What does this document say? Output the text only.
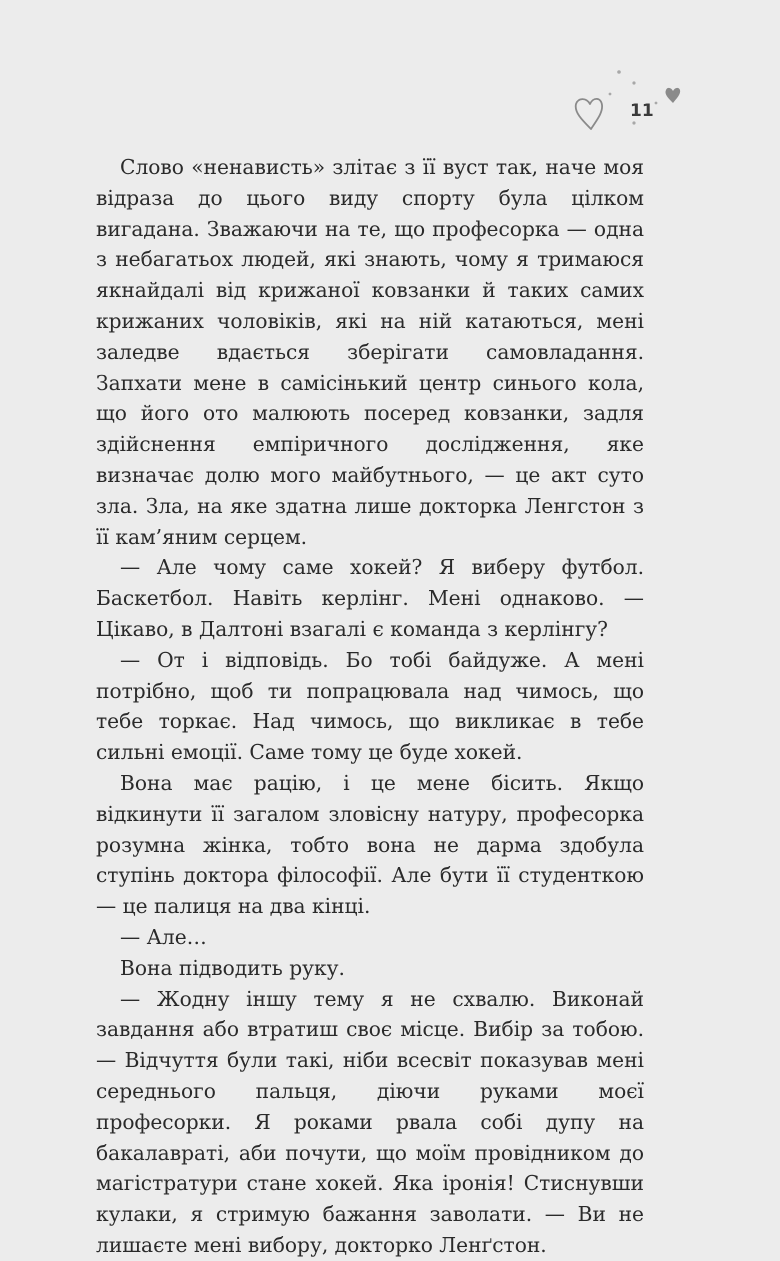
11

Слово «ненависть» злітає з її вуст так, наче моя відраза до цього виду спорту була цілком вигадана. Зважаючи на те, що професорка — одна з небагатьох людей, які знають, чому я тримаюся якнайдалі від крижаної ковзанки й таких самих крижаних чоловіків, які на ній катаються, мені заледве вдається зберігати самовладання. Запхати мене в самісінький центр синього кола, що його ото малюють посеред ковзанки, задля здійснення емпіричного дослідження, яке визначає долю мого майбутнього, — це акт суто зла. Зла, на яке здатна лише докторка Ленгстон з її кам’яним серцем.

— Але чому саме хокей? Я виберу футбол. Баскетбол. Навіть керлінг. Мені однаково. — Цікаво, в Далтоні взагалі є команда з керлінгу?

— От і відповідь. Бо тобі байдуже. А мені потрібно, щоб ти попрацювала над чимось, що тебе торкає. Над чимось, що викликає в тебе сильні емоції. Саме тому це буде хокей.

Вона має рацію, і це мене бісить. Якщо відкинути її загалом зловісну натуру, професорка розумна жінка, тобто вона не дарма здобула ступінь доктора філософії. Але бути її студенткою — це палиця на два кінці.

— Але…

Вона підводить руку.

— Жодну іншу тему я не схвалю. Виконай завдання або втратиш своє місце. Вибір за тобою. — Відчуття були такі, ніби всесвіт показував мені середнього пальця, діючи руками моєї професорки. Я роками рвала собі дупу на бакалавраті, аби почути, що моїм провідником до магістратури стане хокей. Яка іронія! Стиснувши кулаки, я стримую бажання заволати. — Ви не лишаєте мені вибору, докторко Ленґстон.
